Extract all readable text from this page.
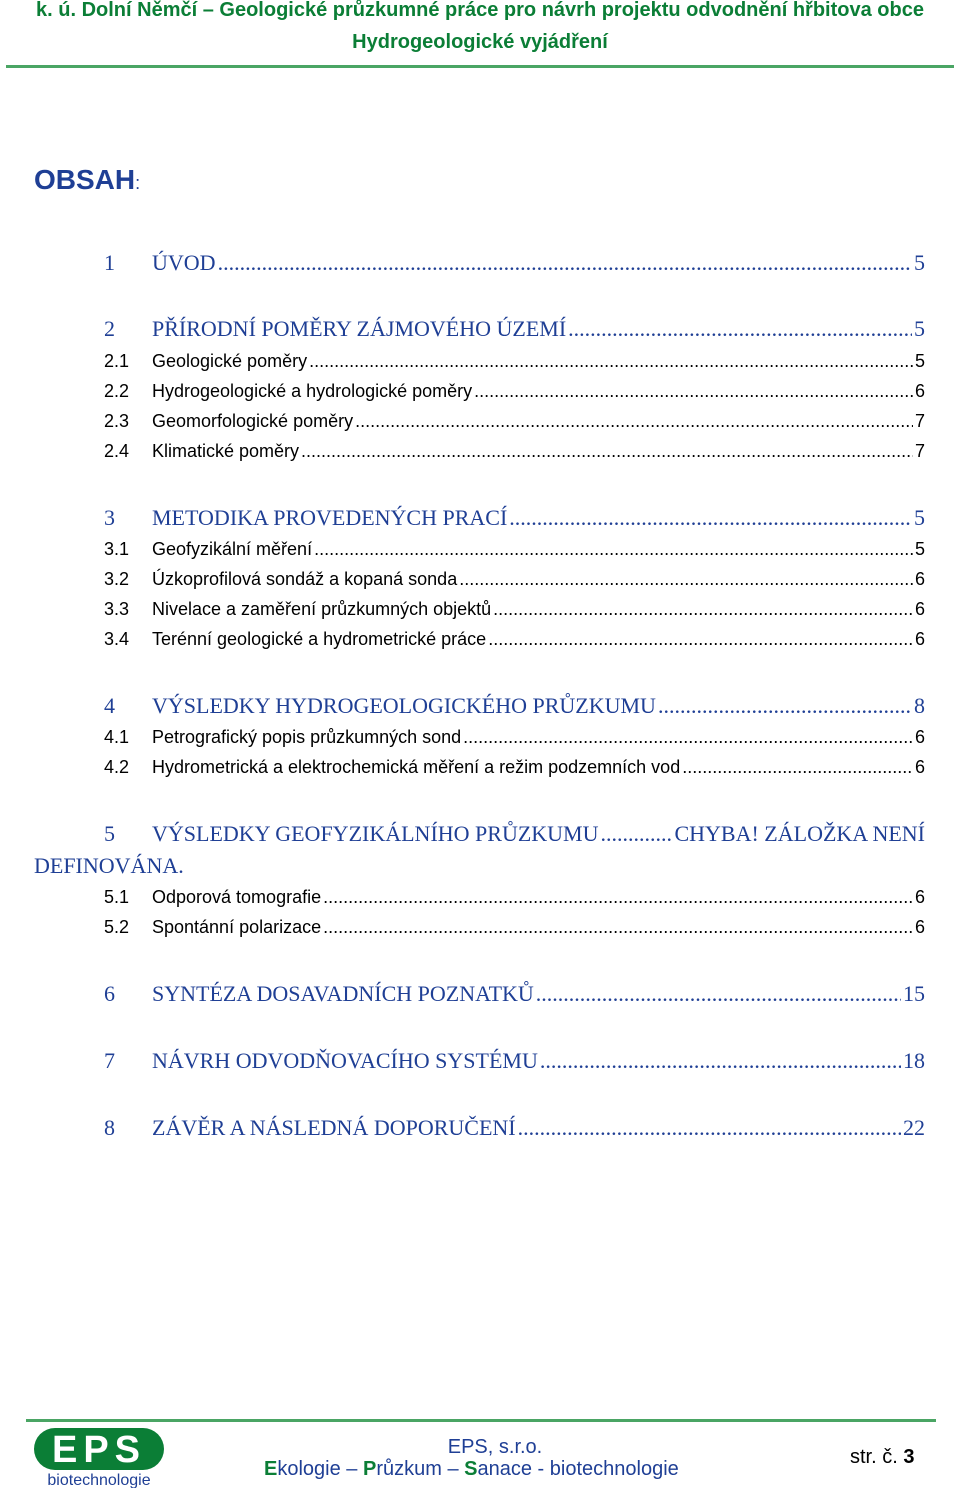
k. ú. Dolní Němčí – Geologické průzkumné práce pro návrh projektu odvodnění hřbitova obce
Hydrogeologické vyjádření
OBSAH:
1	ÚVOD .....	5
2	PŘÍRODNÍ POMĚRY ZÁJMOVÉHO ÚZEMÍ .....	5
2.1	Geologické poměry .....	5
2.2	Hydrogeologické a hydrologické poměry .....	6
2.3	Geomorfologické poměry .....	7
2.4	Klimatické poměry .....	7
3	METODIKA PROVEDENÝCH PRACÍ .....	5
3.1	Geofyzikální měření .....	5
3.2	Úzkoprofilová sondáž a kopaná sonda .....	6
3.3	Nivelace a zaměření průzkumných objektů .....	6
3.4	Terénní geologické a hydrometrické práce .....	6
4	VÝSLEDKY HYDROGEOLOGICKÉHO PRŮZKUMU .....	8
4.1	Petrografický popis průzkumných sond .....	6
4.2	Hydrometrická a elektrochemická měření a režim podzemních vod .....	6
5	VÝSLEDKY GEOFYZIKÁLNÍHO PRŮZKUMU .....	CHYBA! ZÁLOŽKA NENÍ
DEFINOVÁNA.
5.1	Odporová tomografie .....	6
5.2	Spontánní polarizace .....	6
6	SYNTÉZA DOSAVADNÍCH POZNATKŮ .....	15
7	NÁVRH ODVODŇOVACÍHO SYSTÉMU .....	18
8	ZÁVĚR A NÁSLEDNÁ DOPORUČENÍ .....	22
EPS
biotechnologie
EPS, s.r.o.
Ekologie – Průzkum – Sanace - biotechnologie
str. č. 3
